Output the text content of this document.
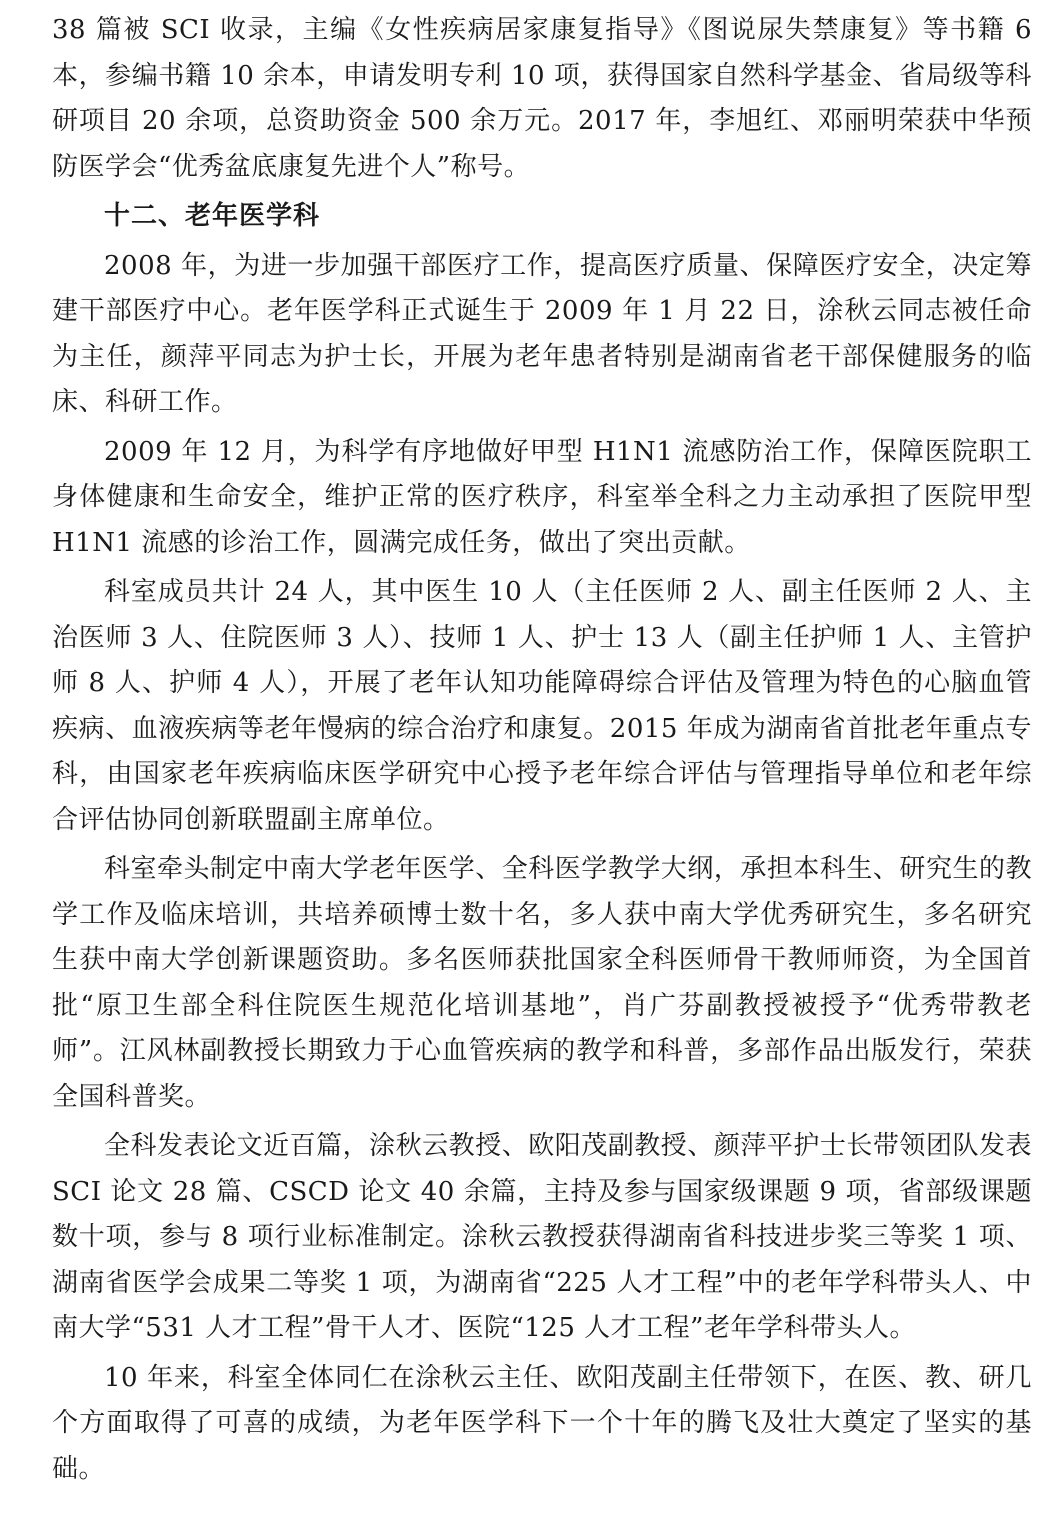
38 篇被 SCI 收录，主编《女性疾病居家康复指导》《图说尿失禁康复》等书籍 6 本，参编书籍 10 余本，申请发明专利 10 项，获得国家自然科学基金、省局级等科研项目 20 余项，总资助资金 500 余万元。2017 年，李旭红、邓丽明荣获中华预防医学会“优秀盆底康复先进个人”称号。

十二、老年医学科

2008 年，为进一步加强干部医疗工作，提高医疗质量、保障医疗安全，决定筹建干部医疗中心。老年医学科正式诞生于 2009 年 1 月 22 日，涂秋云同志被任命为主任，颜萍平同志为护士长，开展为老年患者特别是湖南省老干部保健服务的临床、科研工作。

2009 年 12 月，为科学有序地做好甲型 H1N1 流感防治工作，保障医院职工身体健康和生命安全，维护正常的医疗秩序，科室举全科之力主动承担了医院甲型 H1N1 流感的诊治工作，圆满完成任务，做出了突出贡献。

科室成员共计 24 人，其中医生 10 人（主任医师 2 人、副主任医师 2 人、主治医师 3 人、住院医师 3 人）、技师 1 人、护士 13 人（副主任护师 1 人、主管护师 8 人、护师 4 人），开展了老年认知功能障碍综合评估及管理为特色的心脑血管疾病、血液疾病等老年慢病的综合治疗和康复。2015 年成为湖南省首批老年重点专科，由国家老年疾病临床医学研究中心授予老年综合评估与管理指导单位和老年综合评估协同创新联盟副主席单位。

科室牵头制定中南大学老年医学、全科医学教学大纲，承担本科生、研究生的教学工作及临床培训，共培养硕博士数十名，多人获中南大学优秀研究生，多名研究生获中南大学创新课题资助。多名医师获批国家全科医师骨干教师师资，为全国首批“原卫生部全科住院医生规范化培训基地”，肖广芬副教授被授予“优秀带教老师”。江风林副教授长期致力于心血管疾病的教学和科普，多部作品出版发行，荣获全国科普奖。

全科发表论文近百篇，涂秋云教授、欧阳茂副教授、颜萍平护士长带领团队发表 SCI 论文 28 篇、CSCD 论文 40 余篇，主持及参与国家级课题 9 项，省部级课题数十项，参与 8 项行业标准制定。涂秋云教授获得湖南省科技进步奖三等奖 1 项、湖南省医学会成果二等奖 1 项，为湖南省“225 人才工程”中的老年学科带头人、中南大学“531 人才工程”骨干人才、医院“125 人才工程”老年学科带头人。

10 年来，科室全体同仁在涂秋云主任、欧阳茂副主任带领下，在医、教、研几个方面取得了可喜的成绩，为老年医学科下一个十年的腾飞及壮大奠定了坚实的基础。
